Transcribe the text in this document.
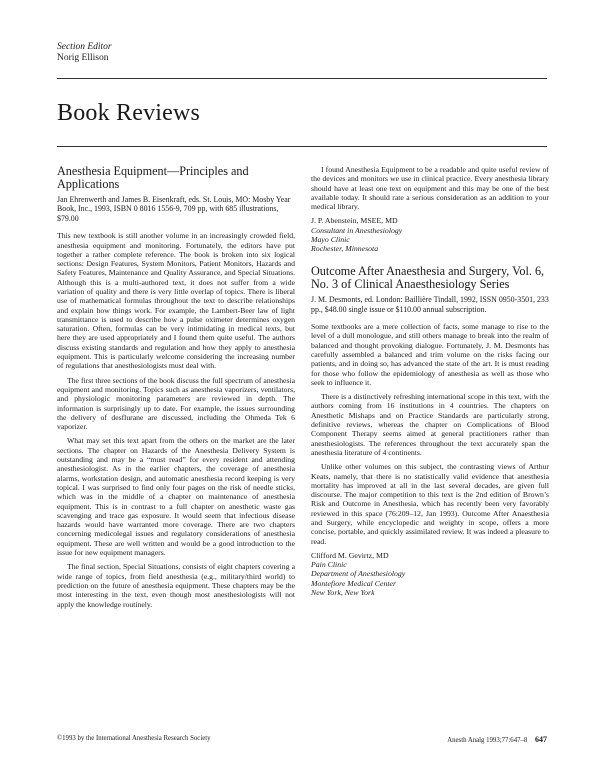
Section Editor
Norig Ellison
Book Reviews
Anesthesia Equipment—Principles and Applications
Jan Ehrenwerth and James B. Eisenkraft, eds. St. Louis, MO: Mosby Year Book, Inc., 1993, ISBN 0 8016 1556-9, 709 pp, with 685 illustrations, $79.00

This new textbook is still another volume in an increasingly crowded field, anesthesia equipment and monitoring. Fortunately, the editors have put together a rather complete reference. The book is broken into six logical sections: Design Features, System Monitors, Patient Monitors, Hazards and Safety Features, Maintenance and Quality Assurance, and Special Situations. Although this is a multi-authored text, it does not suffer from a wide variation of quality and there is very little overlap of topics. There is liberal use of mathematical formulas throughout the text to describe relationships and explain how things work. For example, the Lambert-Beer law of light transmittance is used to describe how a pulse oximeter determines oxygen saturation. Often, formulas can be very intimidating in medical texts, but here they are used appropriately and I found them quite useful. The authors discuss existing standards and regulation and how they apply to anesthesia equipment. This is particularly welcome considering the increasing number of regulations that anesthesiologists must deal with.

The first three sections of the book discuss the full spectrum of anesthesia equipment and monitoring. Topics such as anesthesia vaporizers, ventilators, and physiologic monitoring parameters are reviewed in depth. The information is surprisingly up to date. For example, the issues surrounding the delivery of desflurane are discussed, including the Ohmeda Tek 6 vaporizer.

What may set this text apart from the others on the market are the later sections. The chapter on Hazards of the Anesthesia Delivery System is outstanding and may be a “must read” for every resident and attending anesthesiologist. As in the earlier chapters, the coverage of anesthesia alarms, workstation design, and automatic anesthesia record keeping is very topical. I was surprised to find only four pages on the risk of needle sticks, which was in the middle of a chapter on maintenance of anesthesia equipment. This is in contrast to a full chapter on anesthetic waste gas scavenging and trace gas exposure. It would seem that infectious disease hazards would have warranted more coverage. There are two chapters concerning medicolegal issues and regulatory considerations of anesthesia equipment. These are well written and would be a good introduction to the issue for new equipment managers.

The final section, Special Situations, consists of eight chapters covering a wide range of topics, from field anesthesia (e.g., military/third world) to prediction on the future of anesthesia equipment. These chapters may be the most interesting in the text, even though most anesthesiologists will not apply the knowledge routinely.

I found Anesthesia Equipment to be a readable and quite useful review of the devices and monitors we use in clinical practice. Every anesthesia library should have at least one text on equipment and this may be one of the best available today. It should rate a serious consideration as an addition to your medical library.

J. P. Abenstein, MSEE, MD
Consultant in Anesthesiology
Mayo Clinic
Rochester, Minnesota
Outcome After Anaesthesia and Surgery, Vol. 6, No. 3 of Clinical Anaesthesiology Series
J. M. Desmonts, ed. London: Baillière Tindall, 1992, ISSN 0950-3501, 233 pp., $48.00 single issue or $110.00 annual subscription.

Some textbooks are a mere collection of facts, some manage to rise to the level of a dull monologue, and still others manage to break into the realm of balanced and thought provoking dialogue. Fortunately, J. M. Desmonts has carefully assembled a balanced and trim volume on the risks facing our patients, and in doing so, has advanced the state of the art. It is must reading for those who follow the epidemiology of anesthesia as well as those who seek to influence it.

There is a distinctively refreshing international scope in this text, with the authors coming from 16 institutions in 4 countries. The chapters on Anesthetic Mishaps and on Practice Standards are particularly strong, definitive reviews, whereas the chapter on Complications of Blood Component Therapy seems aimed at general practitioners rather than anesthesiologists. The references throughout the text accurately span the anesthesia literature of 4 continents.

Unlike other volumes on this subject, the contrasting views of Arthur Keats, namely, that there is no statistically valid evidence that anesthesia mortality has improved at all in the last several decades, are given full discourse. The major competition to this text is the 2nd edition of Brown’s Risk and Outcome in Anesthesia, which has recently been very favorably reviewed in this space (76:209–12, Jan 1993). Outcome After Anaesthesia and Surgery, while encyclopedic and weighty in scope, offers a more concise, portable, and quickly assimilated review. It was indeed a pleasure to read.

Clifford M. Gevirtz, MD
Pain Clinic
Department of Anesthesiology
Montefiore Medical Center
New York, New York
©1993 by the International Anesthesia Research Society	Anesth Analg 1993;77:647–8 647
